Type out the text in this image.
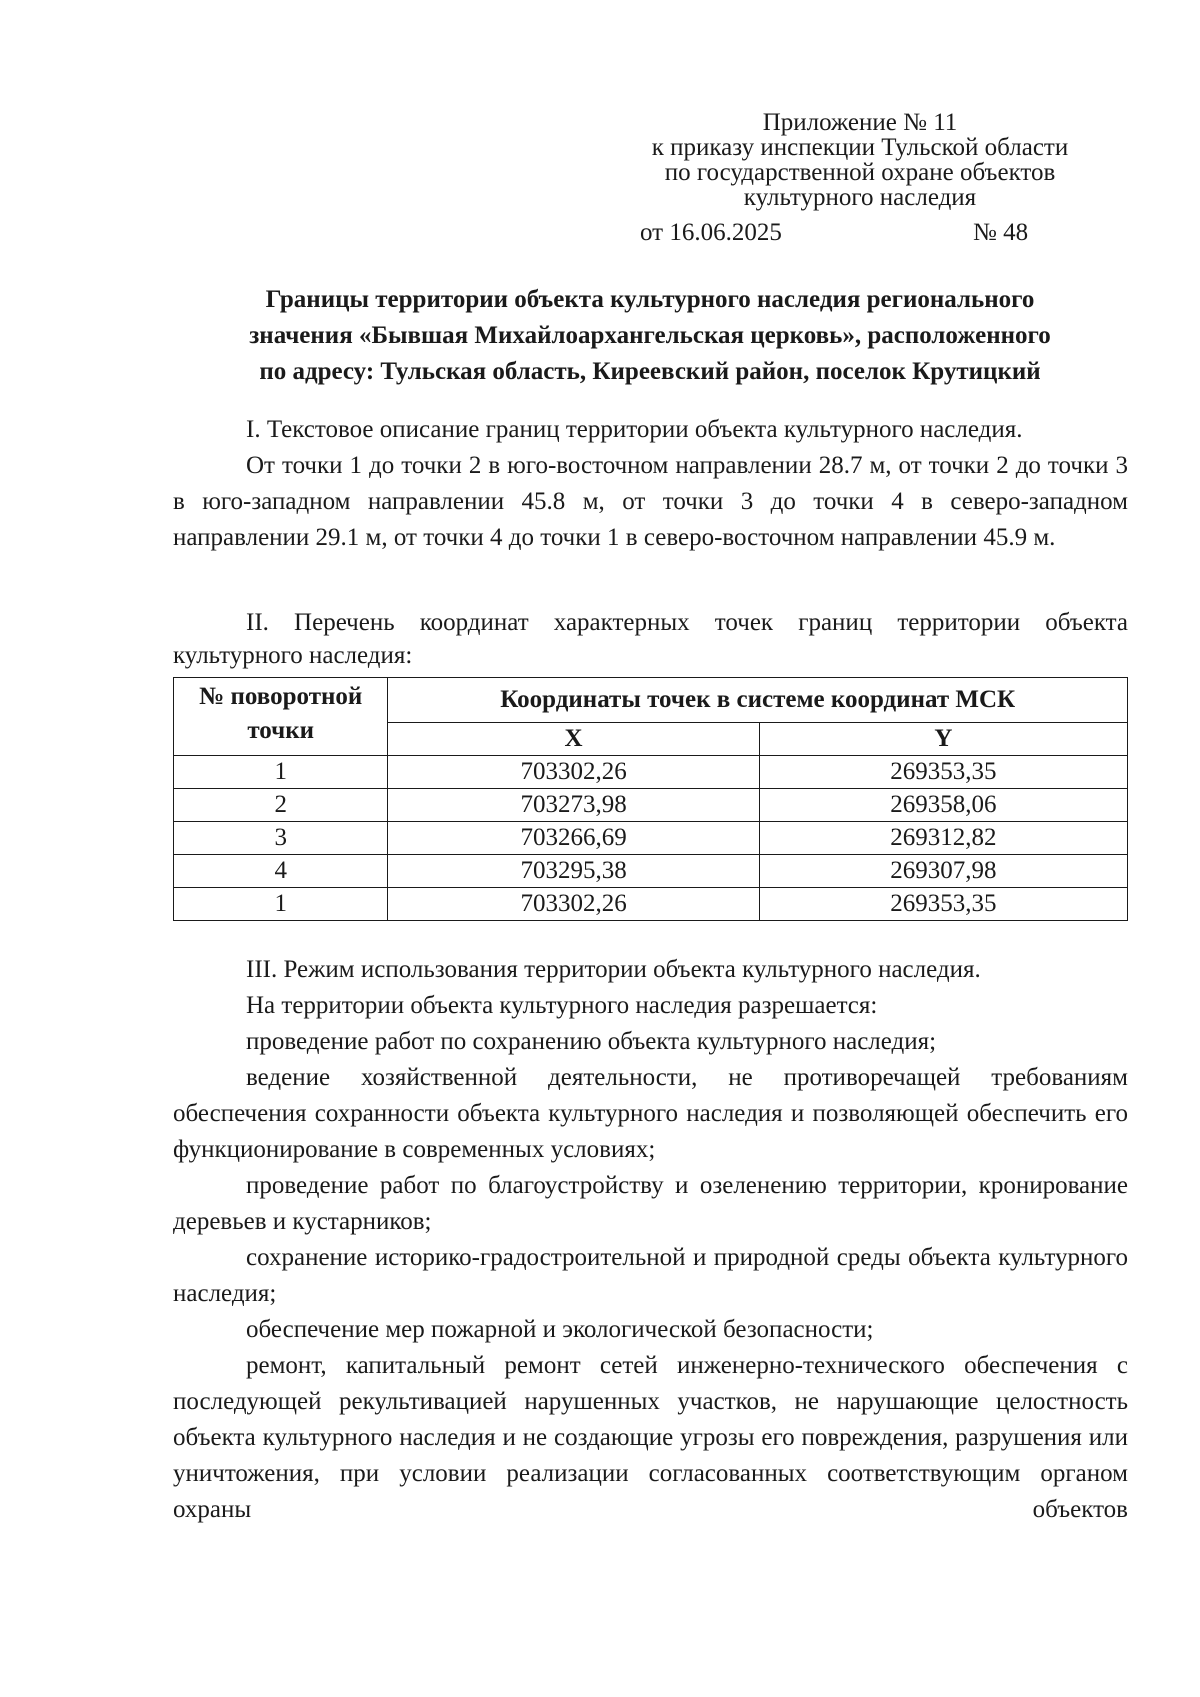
Приложение № 11
к приказу инспекции Тульской области
по государственной охране объектов
культурного наследия
от 16.06.2025	№ 48
Границы территории объекта культурного наследия регионального
значения «Бывшая Михайлоархангельская церковь», расположенного
по адресу: Тульская область, Киреевский район, поселок Крутицкий

I. Текстовое описание границ территории объекта культурного наследия.

От точки 1 до точки 2 в юго-восточном направлении 28.7 м, от точки 2 до точки 3 в юго-западном направлении 45.8 м, от точки 3 до точки 4 в северо-западном направлении 29.1 м, от точки 4 до точки 1 в северо-восточном направлении 45.9 м.

II. Перечень координат характерных точек границ территории объекта культурного наследия:

№ поворотной точки	Координаты точек в системе координат МСК	
	X	Y
1	703302,26	269353,35
2	703273,98	269358,06
3	703266,69	269312,82
4	703295,38	269307,98
1	703302,26	269353,35

III. Режим использования территории объекта культурного наследия.

На территории объекта культурного наследия разрешается:

проведение работ по сохранению объекта культурного наследия;

ведение хозяйственной деятельности, не противоречащей требованиям обеспечения сохранности объекта культурного наследия и позволяющей обеспечить его функционирование в современных условиях;

проведение работ по благоустройству и озеленению территории, кронирование деревьев и кустарников;

сохранение историко-градостроительной и природной среды объекта культурного наследия;

обеспечение мер пожарной и экологической безопасности;

ремонт, капитальный ремонт сетей инженерно-технического обеспечения с последующей рекультивацией нарушенных участков, не нарушающие целостность объекта культурного наследия и не создающие угрозы его повреждения, разрушения или уничтожения, при условии реализации согласованных соответствующим органом охраны объектов
